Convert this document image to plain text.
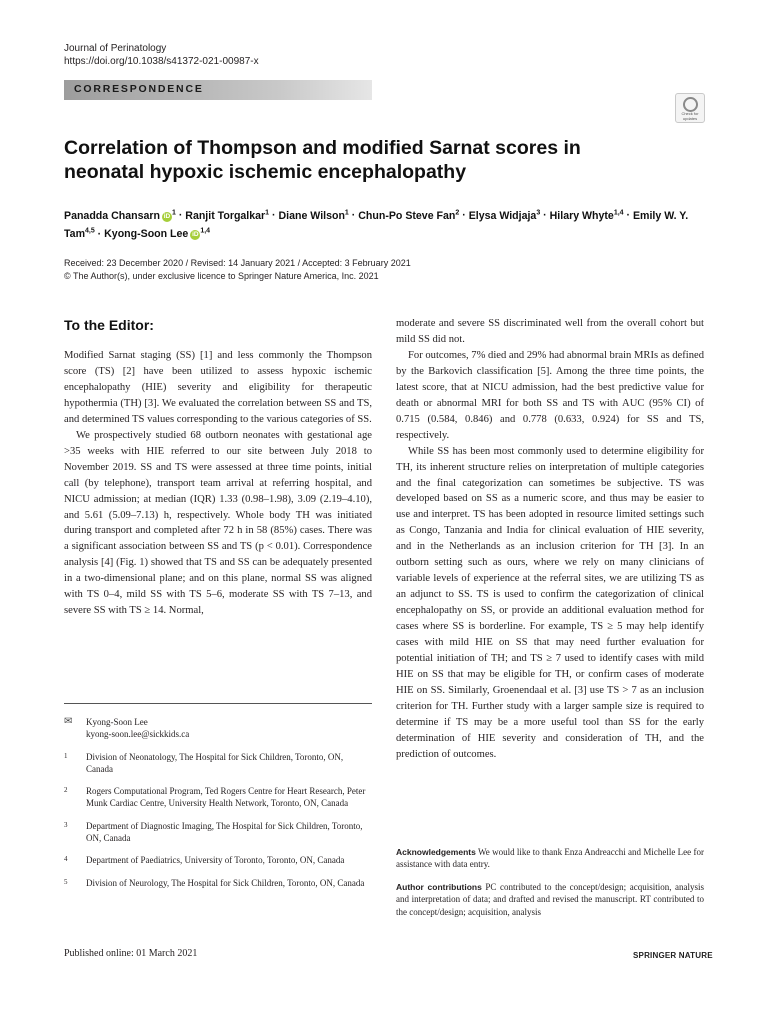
Journal of Perinatology
https://doi.org/10.1038/s41372-021-00987-x
CORRESPONDENCE
Check for updates
Correlation of Thompson and modified Sarnat scores in neonatal hypoxic ischemic encephalopathy
Panadda Chansarn $iD^1$ · Ranjit Torgalkar$^1$ · Diane Wilson$^1$ · Chun-Po Steve Fan$^2$ · Elysa Widjaja$^3$ · Hilary Whyte$^{1,4}$ · Emily W. Y. Tam$^{4,5}$ · Kyong-Soon Lee iD$^{1,4}$
Received: 23 December 2020 / Revised: 14 January 2021 / Accepted: 3 February 2021
© The Author(s), under exclusive licence to Springer Nature America, Inc. 2021
To the Editor:

Modified Sarnat staging (SS) [1] and less commonly the Thompson score (TS) [2] have been utilized to assess hypoxic ischemic encephalopathy (HIE) severity and eligibility for therapeutic hypothermia (TH) [3]. We evaluated the correlation between SS and TS, and determined TS values corresponding to the various categories of SS.

We prospectively studied 68 outborn neonates with gestational age >35 weeks with HIE referred to our site between July 2018 to November 2019. SS and TS were assessed at three time points, initial call (by telephone), transport team arrival at referring hospital, and NICU admission; at median (IQR) 1.33 (0.98–1.98), 3.09 (2.19–4.10), and 5.61 (5.09–7.13) h, respectively. Whole body TH was initiated during transport and completed after 72 h in 58 (85%) cases. There was a significant association between SS and TS (p < 0.01). Correspondence analysis [4] (Fig. 1) showed that TS and SS can be adequately presented in a two-dimensional plane; and on this plane, normal SS was aligned with TS 0–4, mild SS with TS 5–6, moderate SS with TS 7–13, and severe SS with TS ≥ 14. Normal,

moderate and severe SS discriminated well from the overall cohort but mild SS did not.

For outcomes, 7% died and 29% had abnormal brain MRIs as defined by the Barkovich classification [5]. Among the three time points, the latest score, that at NICU admission, had the best predictive value for death or abnormal MRI for both SS and TS with AUC (95% CI) of 0.715 (0.584, 0.846) and 0.778 (0.633, 0.924) for SS and TS, respectively.

While SS has been most commonly used to determine eligibility for TH, its inherent structure relies on interpretation of multiple categories and the final categorization can sometimes be subjective. TS was developed based on SS as a numeric score, and thus may be easier to use and interpret. TS has been adopted in resource limited settings such as Congo, Tanzania and India for clinical evaluation of HIE severity, and in the Netherlands as an inclusion criterion for TH [3]. In an outborn setting such as ours, where we rely on many clinicians of variable levels of experience at the referral sites, we are utilizing TS as an adjunct to SS. TS is used to confirm the categorization of clinical encephalopathy on SS, or provide an additional evaluation method for cases where SS is borderline. For example, TS ≥ 5 may help identify cases with mild HIE on SS that may need further evaluation for potential initiation of TH; and TS ≥ 7 used to identify cases with mild HIE on SS that may be eligible for TH, or confirm cases of moderate HIE on SS. Similarly, Groenendaal et al. [3] use TS > 7 as an inclusion criterion for TH. Further study with a larger sample size is required to determine if TS may be a more useful tool than SS for the early determination of HIE severity and consideration of TH, and the prediction of outcomes.

✉	Kyong-Soon Lee
kyong-soon.lee@sickkids.ca
1	Division of Neonatology, The Hospital for Sick Children, Toronto, ON, Canada
2	Rogers Computational Program, Ted Rogers Centre for Heart Research, Peter Munk Cardiac Centre, University Health Network, Toronto, ON, Canada
3	Department of Diagnostic Imaging, The Hospital for Sick Children, Toronto, ON, Canada
4	Department of Paediatrics, University of Toronto, Toronto, ON, Canada
5	Division of Neurology, The Hospital for Sick Children, Toronto, ON, Canada

Acknowledgements We would like to thank Enza Andreacchi and Michelle Lee for assistance with data entry.

Author contributions PC contributed to the concept/design; acquisition, analysis and interpretation of data; and drafted and revised the manuscript. RT contributed to the concept/design; acquisition, analysis

Published online: 01 March 2021	SPRINGER NATURE
